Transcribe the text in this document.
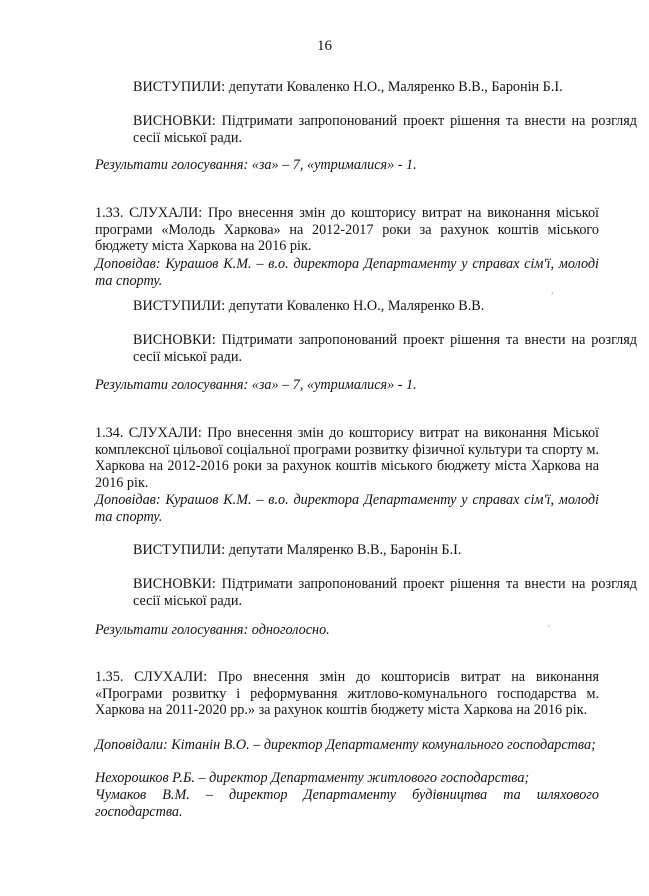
16

ВИСТУПИЛИ: депутати Коваленко Н.О., Маляренко В.В., Баронін Б.І.

ВИСНОВКИ: Підтримати запропонований проект рішення та внести на розгляд сесії міської ради.

Результати голосування: «за» – 7, «утрималися» - 1.

1.33. СЛУХАЛИ: Про внесення змін до кошторису витрат на виконання міської програми «Молодь Харкова» на 2012-2017 роки за рахунок коштів міського бюджету міста Харкова на 2016 рік.

Доповідав: Курашов К.М. – в.о. директора Департаменту у справах сім'ї, молоді та спорту.

ВИСТУПИЛИ: депутати Коваленко Н.О., Маляренко В.В.

ВИСНОВКИ: Підтримати запропонований проект рішення та внести на розгляд сесії міської ради.

Результати голосування: «за» – 7, «утрималися» - 1.

1.34. СЛУХАЛИ: Про внесення змін до кошторису витрат на виконання Міської комплексної цільової соціальної програми розвитку фізичної культури та спорту м. Харкова на 2012-2016 роки за рахунок коштів міського бюджету міста Харкова на 2016 рік.

Доповідав: Курашов К.М. – в.о. директора Департаменту у справах сім'ї, молоді та спорту.

ВИСТУПИЛИ: депутати Маляренко В.В., Баронін Б.І.

ВИСНОВКИ: Підтримати запропонований проект рішення та внести на розгляд сесії міської ради.

Результати голосування: одноголосно.

1.35. СЛУХАЛИ: Про внесення змін до кошторисів витрат на виконання «Програми розвитку і реформування житлово-комунального господарства м. Харкова на 2011-2020 рр.» за рахунок коштів бюджету міста Харкова на 2016 рік.

Доповідали: Кітанін В.О. – директор Департаменту комунального господарства;

Нехорошков Р.Б. – директор Департаменту житлового господарства;

Чумаков В.М. – директор Департаменту будівництва та шляхового господарства.

,
'
'
